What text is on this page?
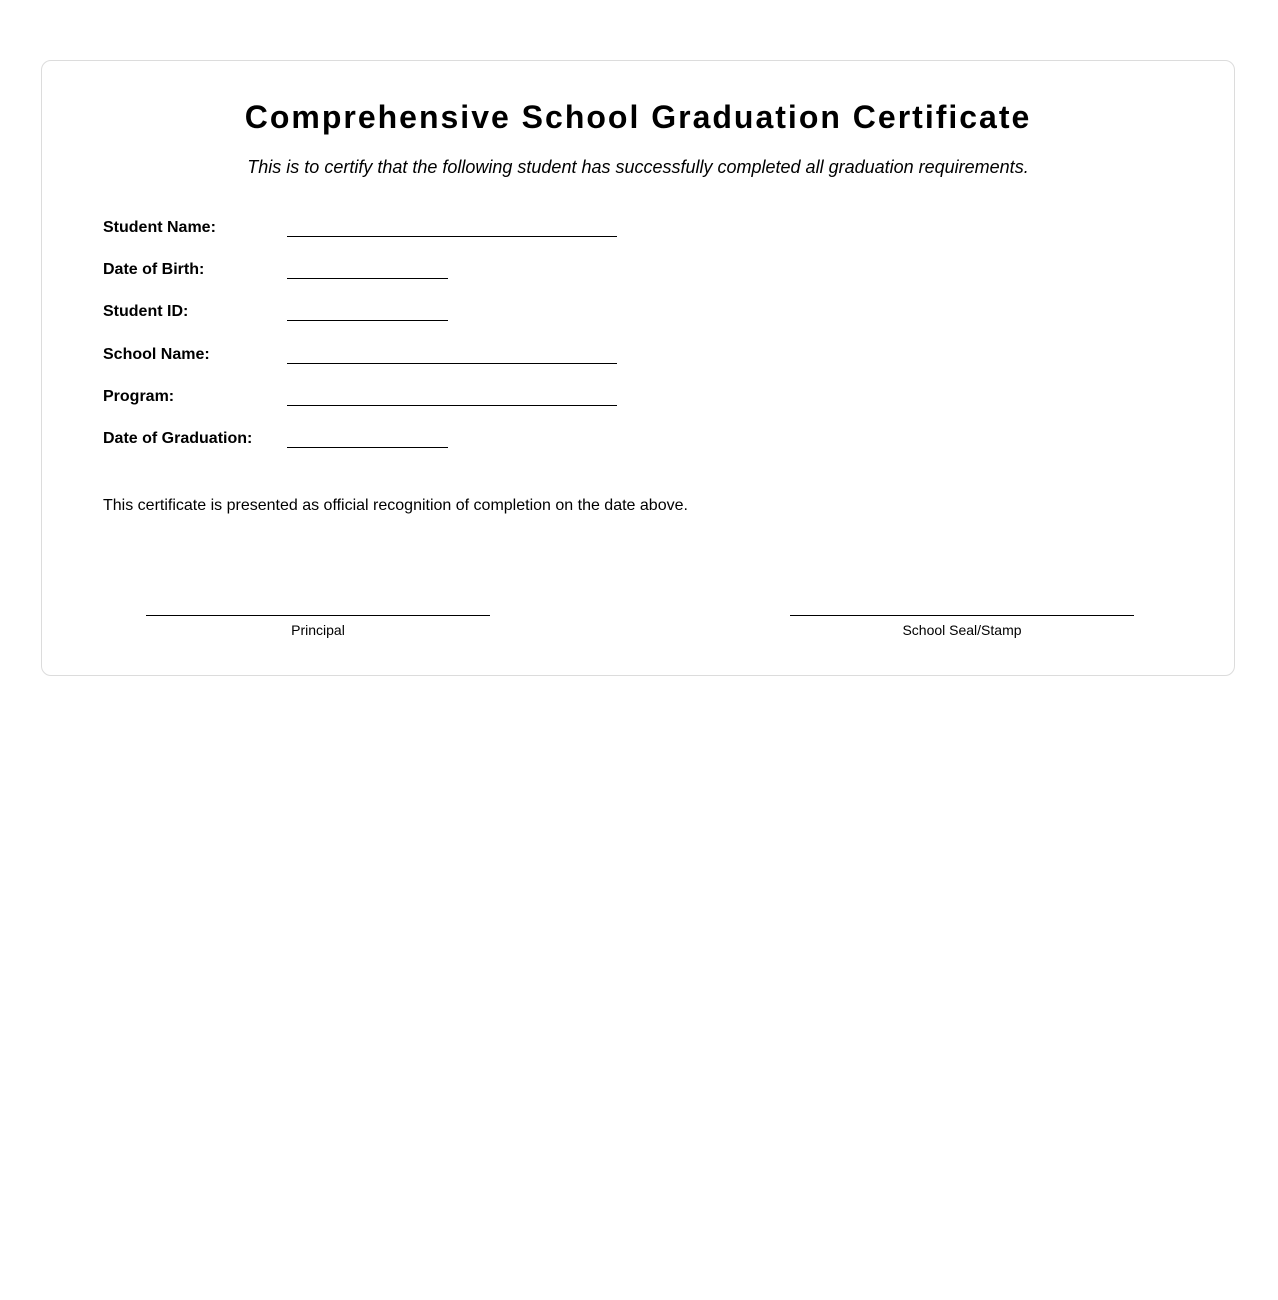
Comprehensive School Graduation Certificate

This is to certify that the following student has successfully completed all graduation requirements.

Student Name:
Date of Birth:
Student ID:
School Name:
Program:
Date of Graduation:

This certificate is presented as official recognition of completion on the date above.

Principal	School Seal/Stamp
